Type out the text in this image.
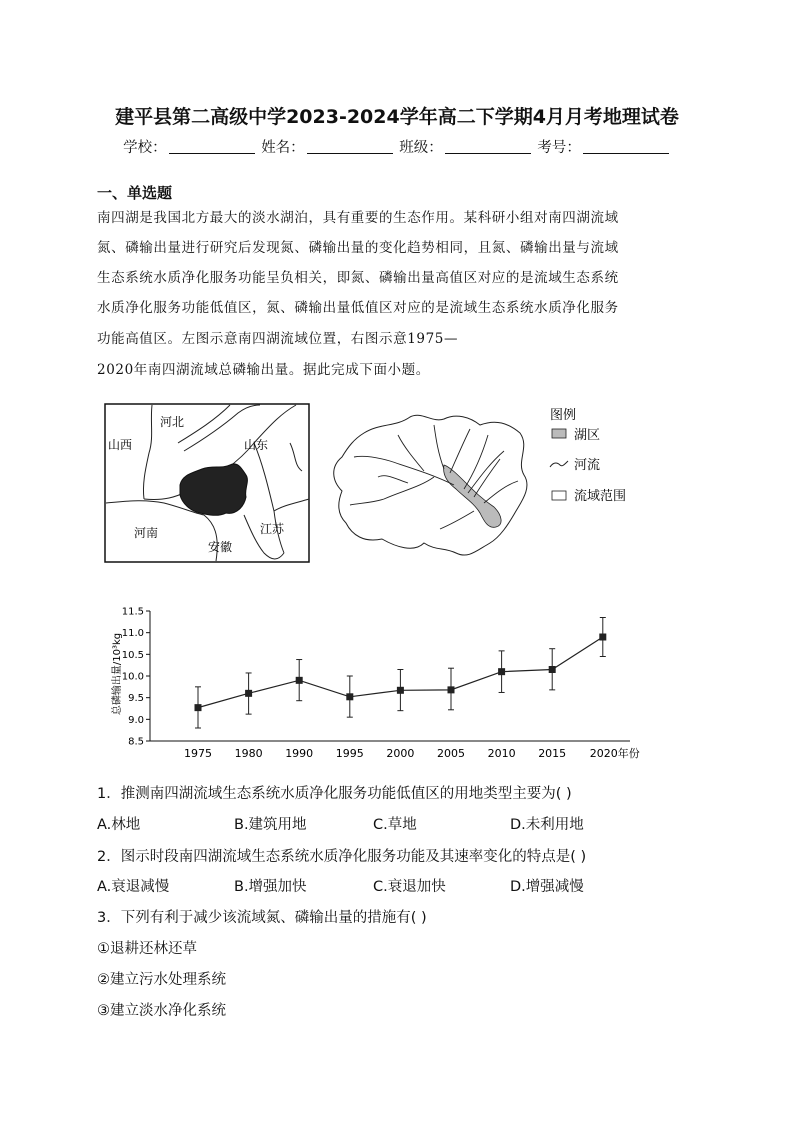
建平县第二高级中学2023-2024学年高二下学期4月月考地理试卷
学校：	姓名：	班级：	考号：
一、单选题
南四湖是我国北方最大的淡水湖泊，具有重要的生态作用。某科研小组对南四湖流域
氮、磷输出量进行研究后发现氮、磷输出量的变化趋势相同，且氮、磷输出量与流域
生态系统水质净化服务功能呈负相关，即氮、磷输出量高值区对应的是流域生态系统
水质净化服务功能低值区，氮、磷输出量低值区对应的是流域生态系统水质净化服务
功能高值区。左图示意南四湖流域位置，右图示意1975—
2020年南四湖流域总磷输出量。据此完成下面小题。
河北
山西	山东
河南
安徽
江苏
图例
湖区
河流
流域范围
11.5
11.0
10.5
10.0
9.5
9.0
8.5
1975 1980 1990 1995 2000 2005 2010 2015 2020年份
总磷输出量/10³kg
1．推测南四湖流域生态系统水质净化服务功能低值区的用地类型主要为( )
A.林地	B.建筑用地	C.草地	D.未利用地
2．图示时段南四湖流域生态系统水质净化服务功能及其速率变化的特点是( )
A.衰退减慢	B.增强加快	C.衰退加快	D.增强减慢
3．下列有利于减少该流域氮、磷输出量的措施有( )
①退耕还林还草
②建立污水处理系统
③建立淡水净化系统
